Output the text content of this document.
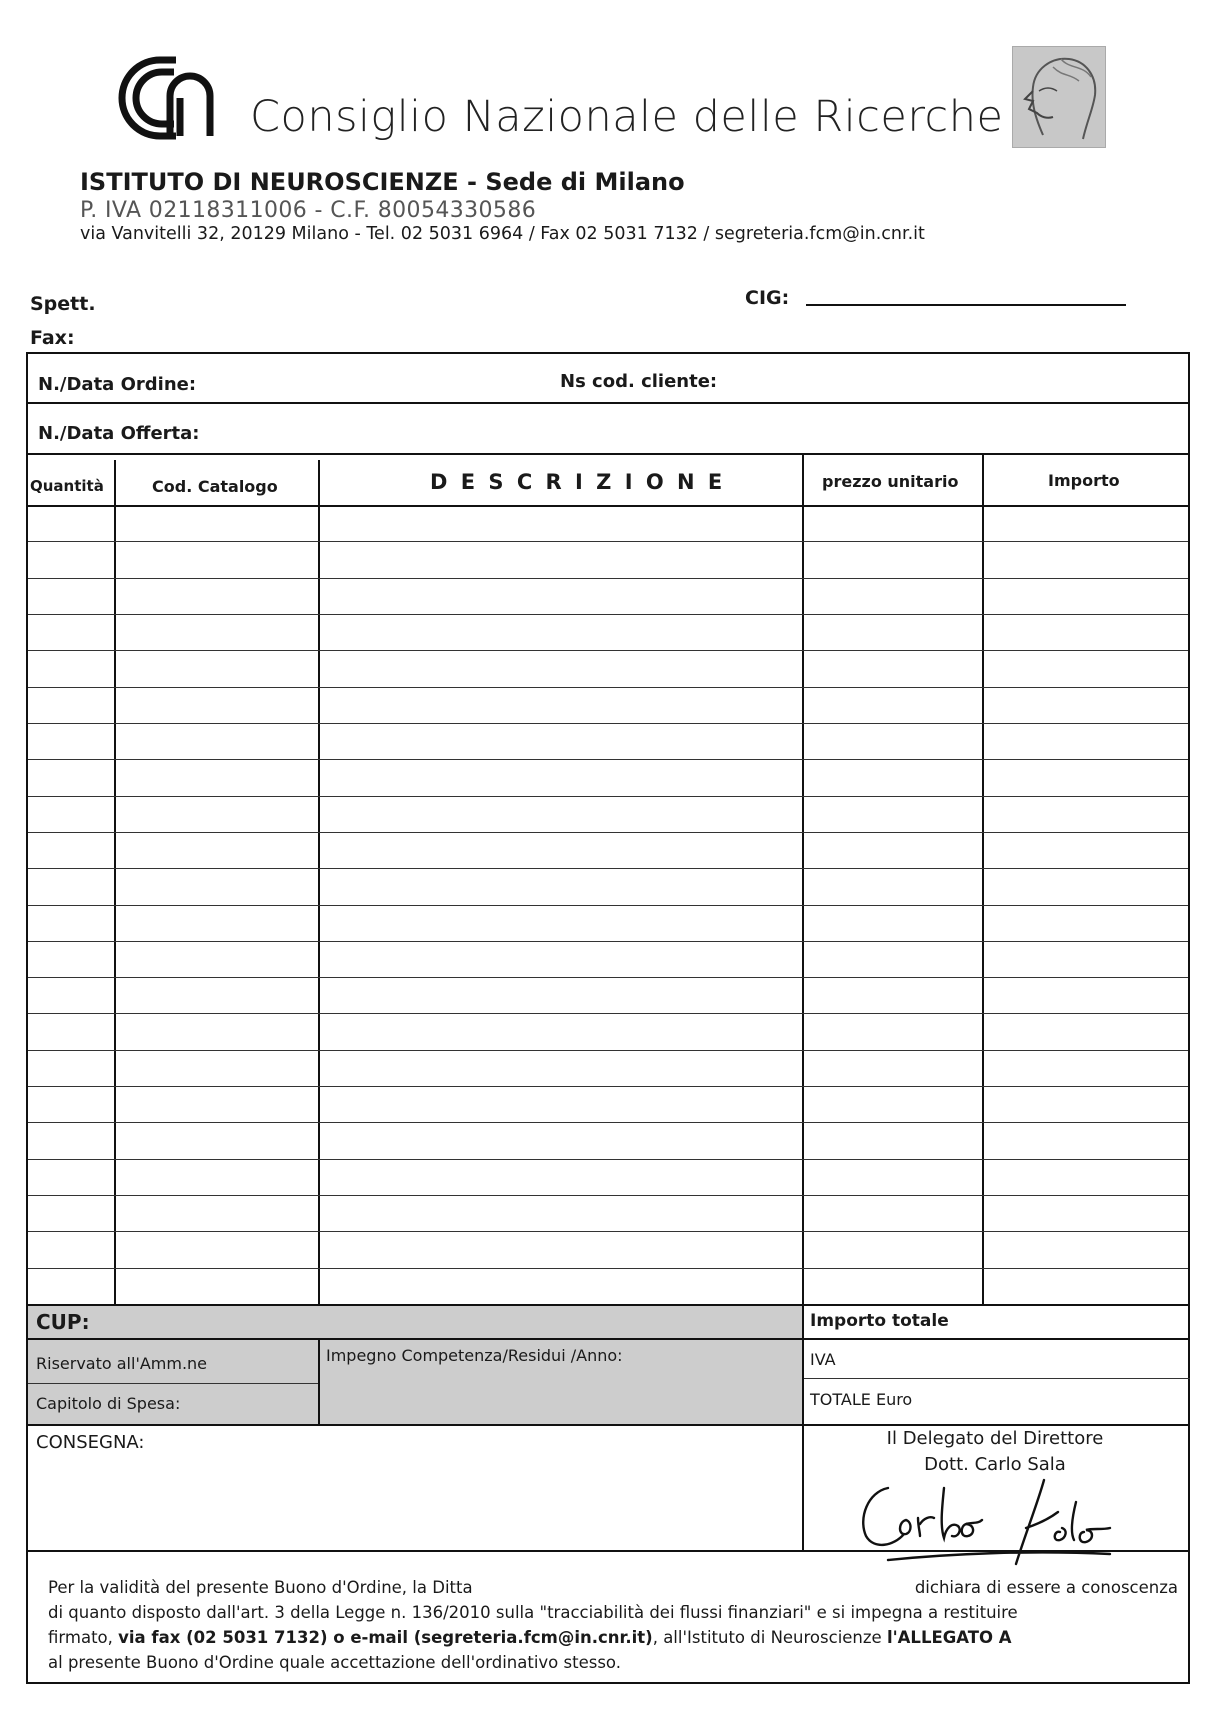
Consiglio Nazionale delle Ricerche
ISTITUTO DI NEUROSCIENZE - Sede di Milano
P. IVA 02118311006 - C.F. 80054330586
via Vanvitelli 32, 20129 Milano - Tel. 02 5031 6964 / Fax 02 5031 7132 / segreteria.fcm@in.cnr.it
Spett.
Fax:
CIG:
N./Data Ordine:	Ns cod. cliente:
N./Data Offerta:
Quantità	Cod. Catalogo	D E S C R I Z I O N E	prezzo unitario	Importo
CUP:	Importo totale
Riservato all'Amm.ne	Impegno Competenza/Residui /Anno:
Capitolo di Spesa:
IVA
TOTALE Euro
CONSEGNA:	Il Delegato del Direttore
Dott. Carlo Sala
Per la validità del presente Buono d'Ordine, la Ditta	dichiara di essere a conoscenza
di quanto disposto dall'art. 3 della Legge n. 136/2010 sulla "tracciabilità dei flussi finanziari" e si impegna a restituire
firmato, via fax (02 5031 7132) o e-mail (segreteria.fcm@in.cnr.it), all'Istituto di Neuroscienze l'ALLEGATO A
al presente Buono d'Ordine quale accettazione dell'ordinativo stesso.
